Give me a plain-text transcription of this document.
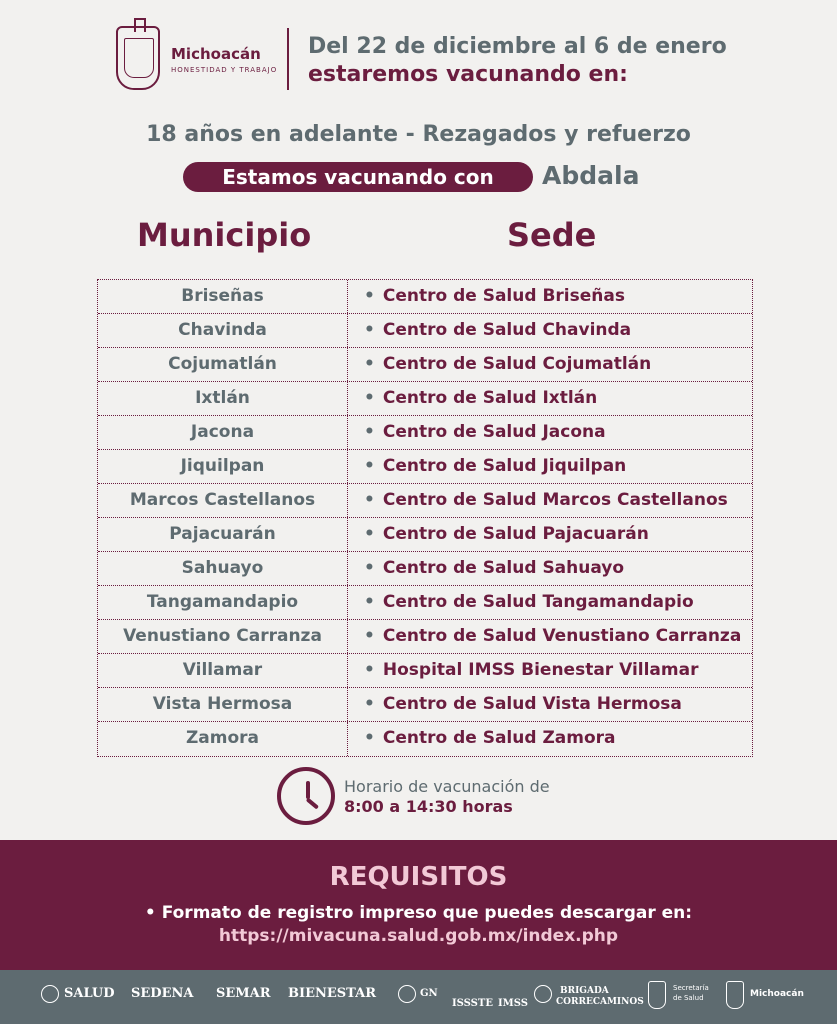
Michoacán
HONESTIDAD Y TRABAJO
Del 22 de diciembre al 6 de enero
estaremos vacunando en:
18 años en adelante - Rezagados y refuerzo
Estamos vacunando con	Abdala
Municipio	Sede
Briseñas	• Centro de Salud Briseñas
Chavinda	• Centro de Salud Chavinda
Cojumatlán	• Centro de Salud Cojumatlán
Ixtlán	• Centro de Salud Ixtlán
Jacona	• Centro de Salud Jacona
Jiquilpan	• Centro de Salud Jiquilpan
Marcos Castellanos	• Centro de Salud Marcos Castellanos
Pajacuarán	• Centro de Salud Pajacuarán
Sahuayo	• Centro de Salud Sahuayo
Tangamandapio	• Centro de Salud Tangamandapio
Venustiano Carranza	• Centro de Salud Venustiano Carranza
Villamar	• Hospital IMSS Bienestar Villamar
Vista Hermosa	• Centro de Salud Vista Hermosa
Zamora	• Centro de Salud Zamora
Horario de vacunación de
8:00 a 14:30 horas
REQUISITOS
• Formato de registro impreso que puedes descargar en:
https://mivacuna.salud.gob.mx/index.php
SALUD SEDENA SEMAR BIENESTAR	GN
ISSSTE IMSS
BRIGADA
CORRECAMINOS
Secretaría
de Salud	Michoacán
